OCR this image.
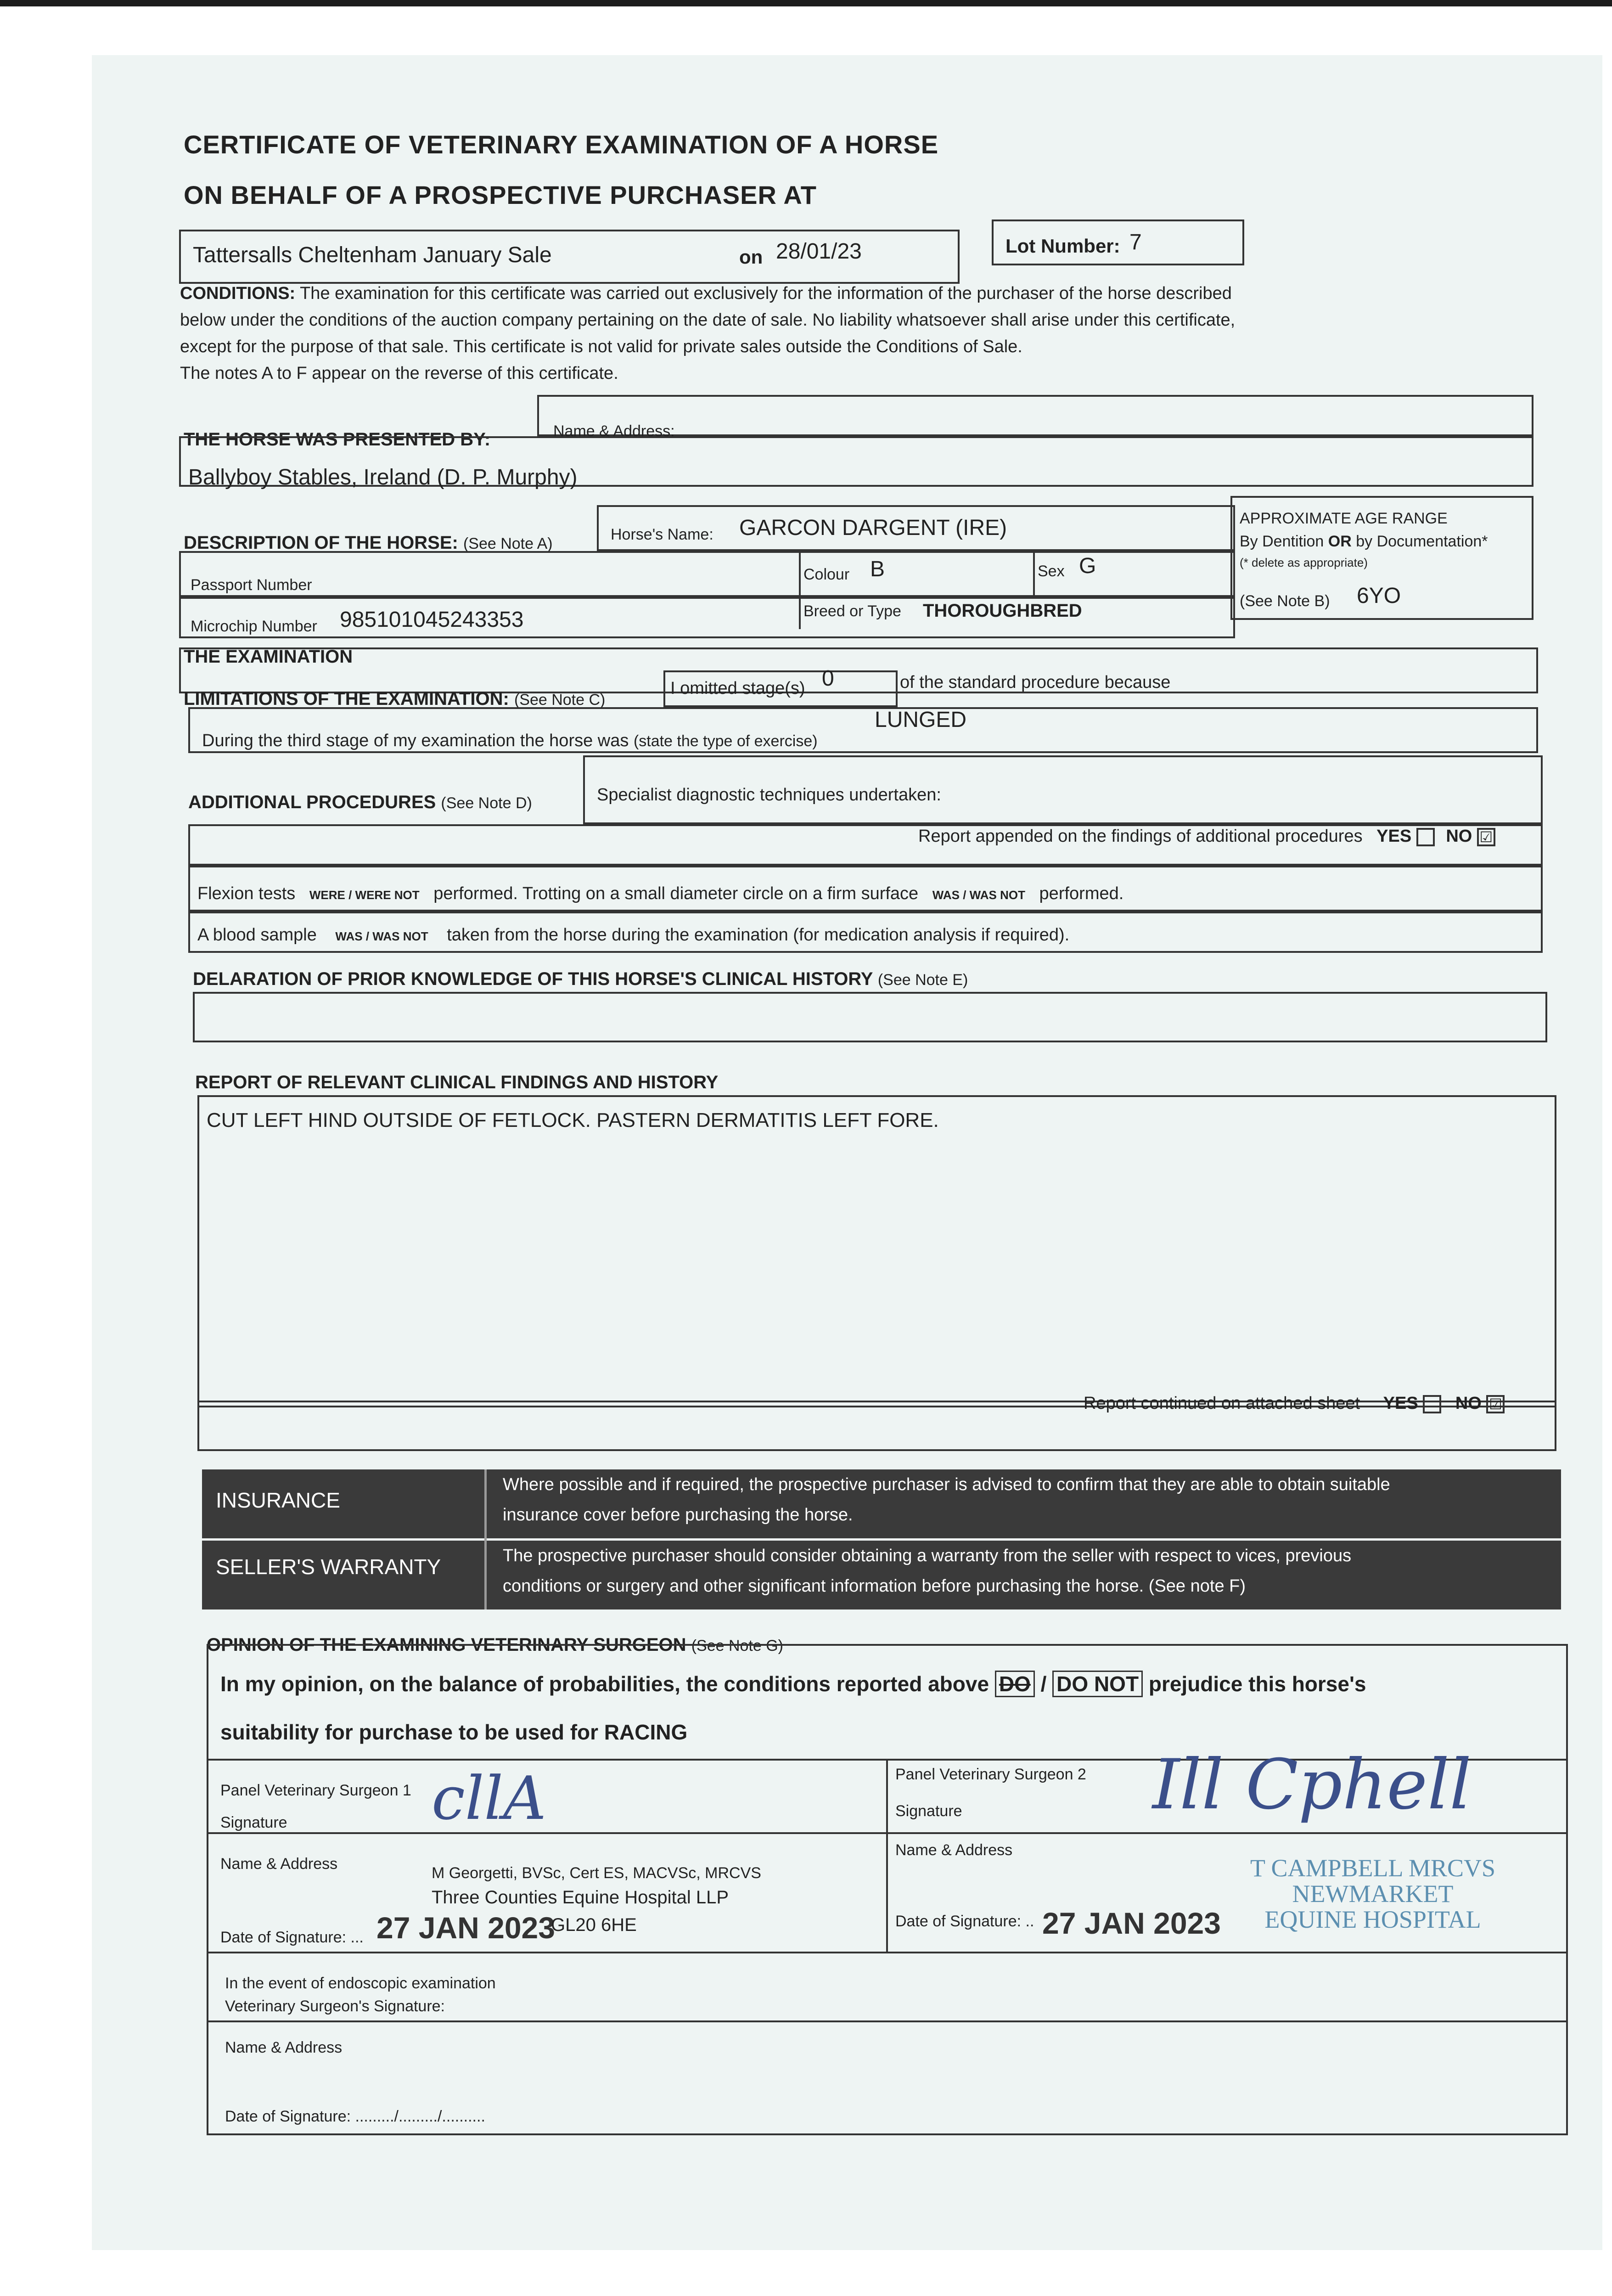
CERTIFICATE OF VETERINARY EXAMINATION OF A HORSE
ON BEHALF OF A PROSPECTIVE PURCHASER AT
Tattersalls Cheltenham January Sale	on 28/01/23	Lot Number: 7
CONDITIONS: The examination for this certificate was carried out exclusively for the information of the purchaser of the horse described
below under the conditions of the auction company pertaining on the date of sale. No liability whatsoever shall arise under this certificate,
except for the purpose of that sale. This certificate is not valid for private sales outside the Conditions of Sale.
The notes A to F appear on the reverse of this certificate.
THE HORSE WAS PRESENTED BY:	Name & Address:
Ballyboy Stables, Ireland (D. P. Murphy)
DESCRIPTION OF THE HORSE: (See Note A)
Horse's Name: GARCON DARGENT (IRE)
Passport Number
Colour B	Sex G
Microchip Number 985101045243353	Breed or Type THOROUGHBRED
APPROXIMATE AGE RANGE
By Dentition OR by Documentation*
(* delete as appropriate)
(See Note B) 6YO
THE EXAMINATION
LIMITATIONS OF THE EXAMINATION: (See Note C)
I omitted stage(s) 0	of the standard procedure because
During the third stage of my examination the horse was (state the type of exercise)
LUNGED
ADDITIONAL PROCEDURES (See Note D)	Specialist diagnostic techniques undertaken:
Report appended on the findings of additional procedures YES NO ☑
Flexion tests WERE / WERE NOT performed. Trotting on a small diameter circle on a firm surface WAS / WAS NOT performed.
A blood sample WAS / WAS NOT taken from the horse during the examination (for medication analysis if required).
DELARATION OF PRIOR KNOWLEDGE OF THIS HORSE'S CLINICAL HISTORY (See Note E)
REPORT OF RELEVANT CLINICAL FINDINGS AND HISTORY
CUT LEFT HIND OUTSIDE OF FETLOCK. PASTERN DERMATITIS LEFT FORE.
Report continued on attached sheet YES NO ☑
INSURANCE
Where possible and if required, the prospective purchaser is advised to confirm that they are able to obtain suitable
insurance cover before purchasing the horse.
SELLER'S WARRANTY	The prospective purchaser should consider obtaining a warranty from the seller with respect to vices, previous
conditions or surgery and other significant information before purchasing the horse. (See note F)
OPINION OF THE EXAMINING VETERINARY SURGEON (See Note G)
In my opinion, on the balance of probabilities, the conditions reported above DO / DO NOT prejudice this horse's
suitability for purchase to be used for RACING
Panel Veterinary Surgeon 1
Signature cllA
Name & Address
M Georgetti, BVSc, Cert ES, MACVSc, MRCVS
Three Counties Equine Hospital LLP
Date of Signature: ... 27 JAN 2023
GL20 6HE
Panel Veterinary Surgeon 2
Signature	Ill Cphell
Name & Address
T CAMPBELL MRCVS
NEWMARKET
EQUINE HOSPITAL
Date of Signature: .. 27 JAN 2023
In the event of endoscopic examination
Veterinary Surgeon's Signature:
Name & Address
Date of Signature: ........./........./..........
